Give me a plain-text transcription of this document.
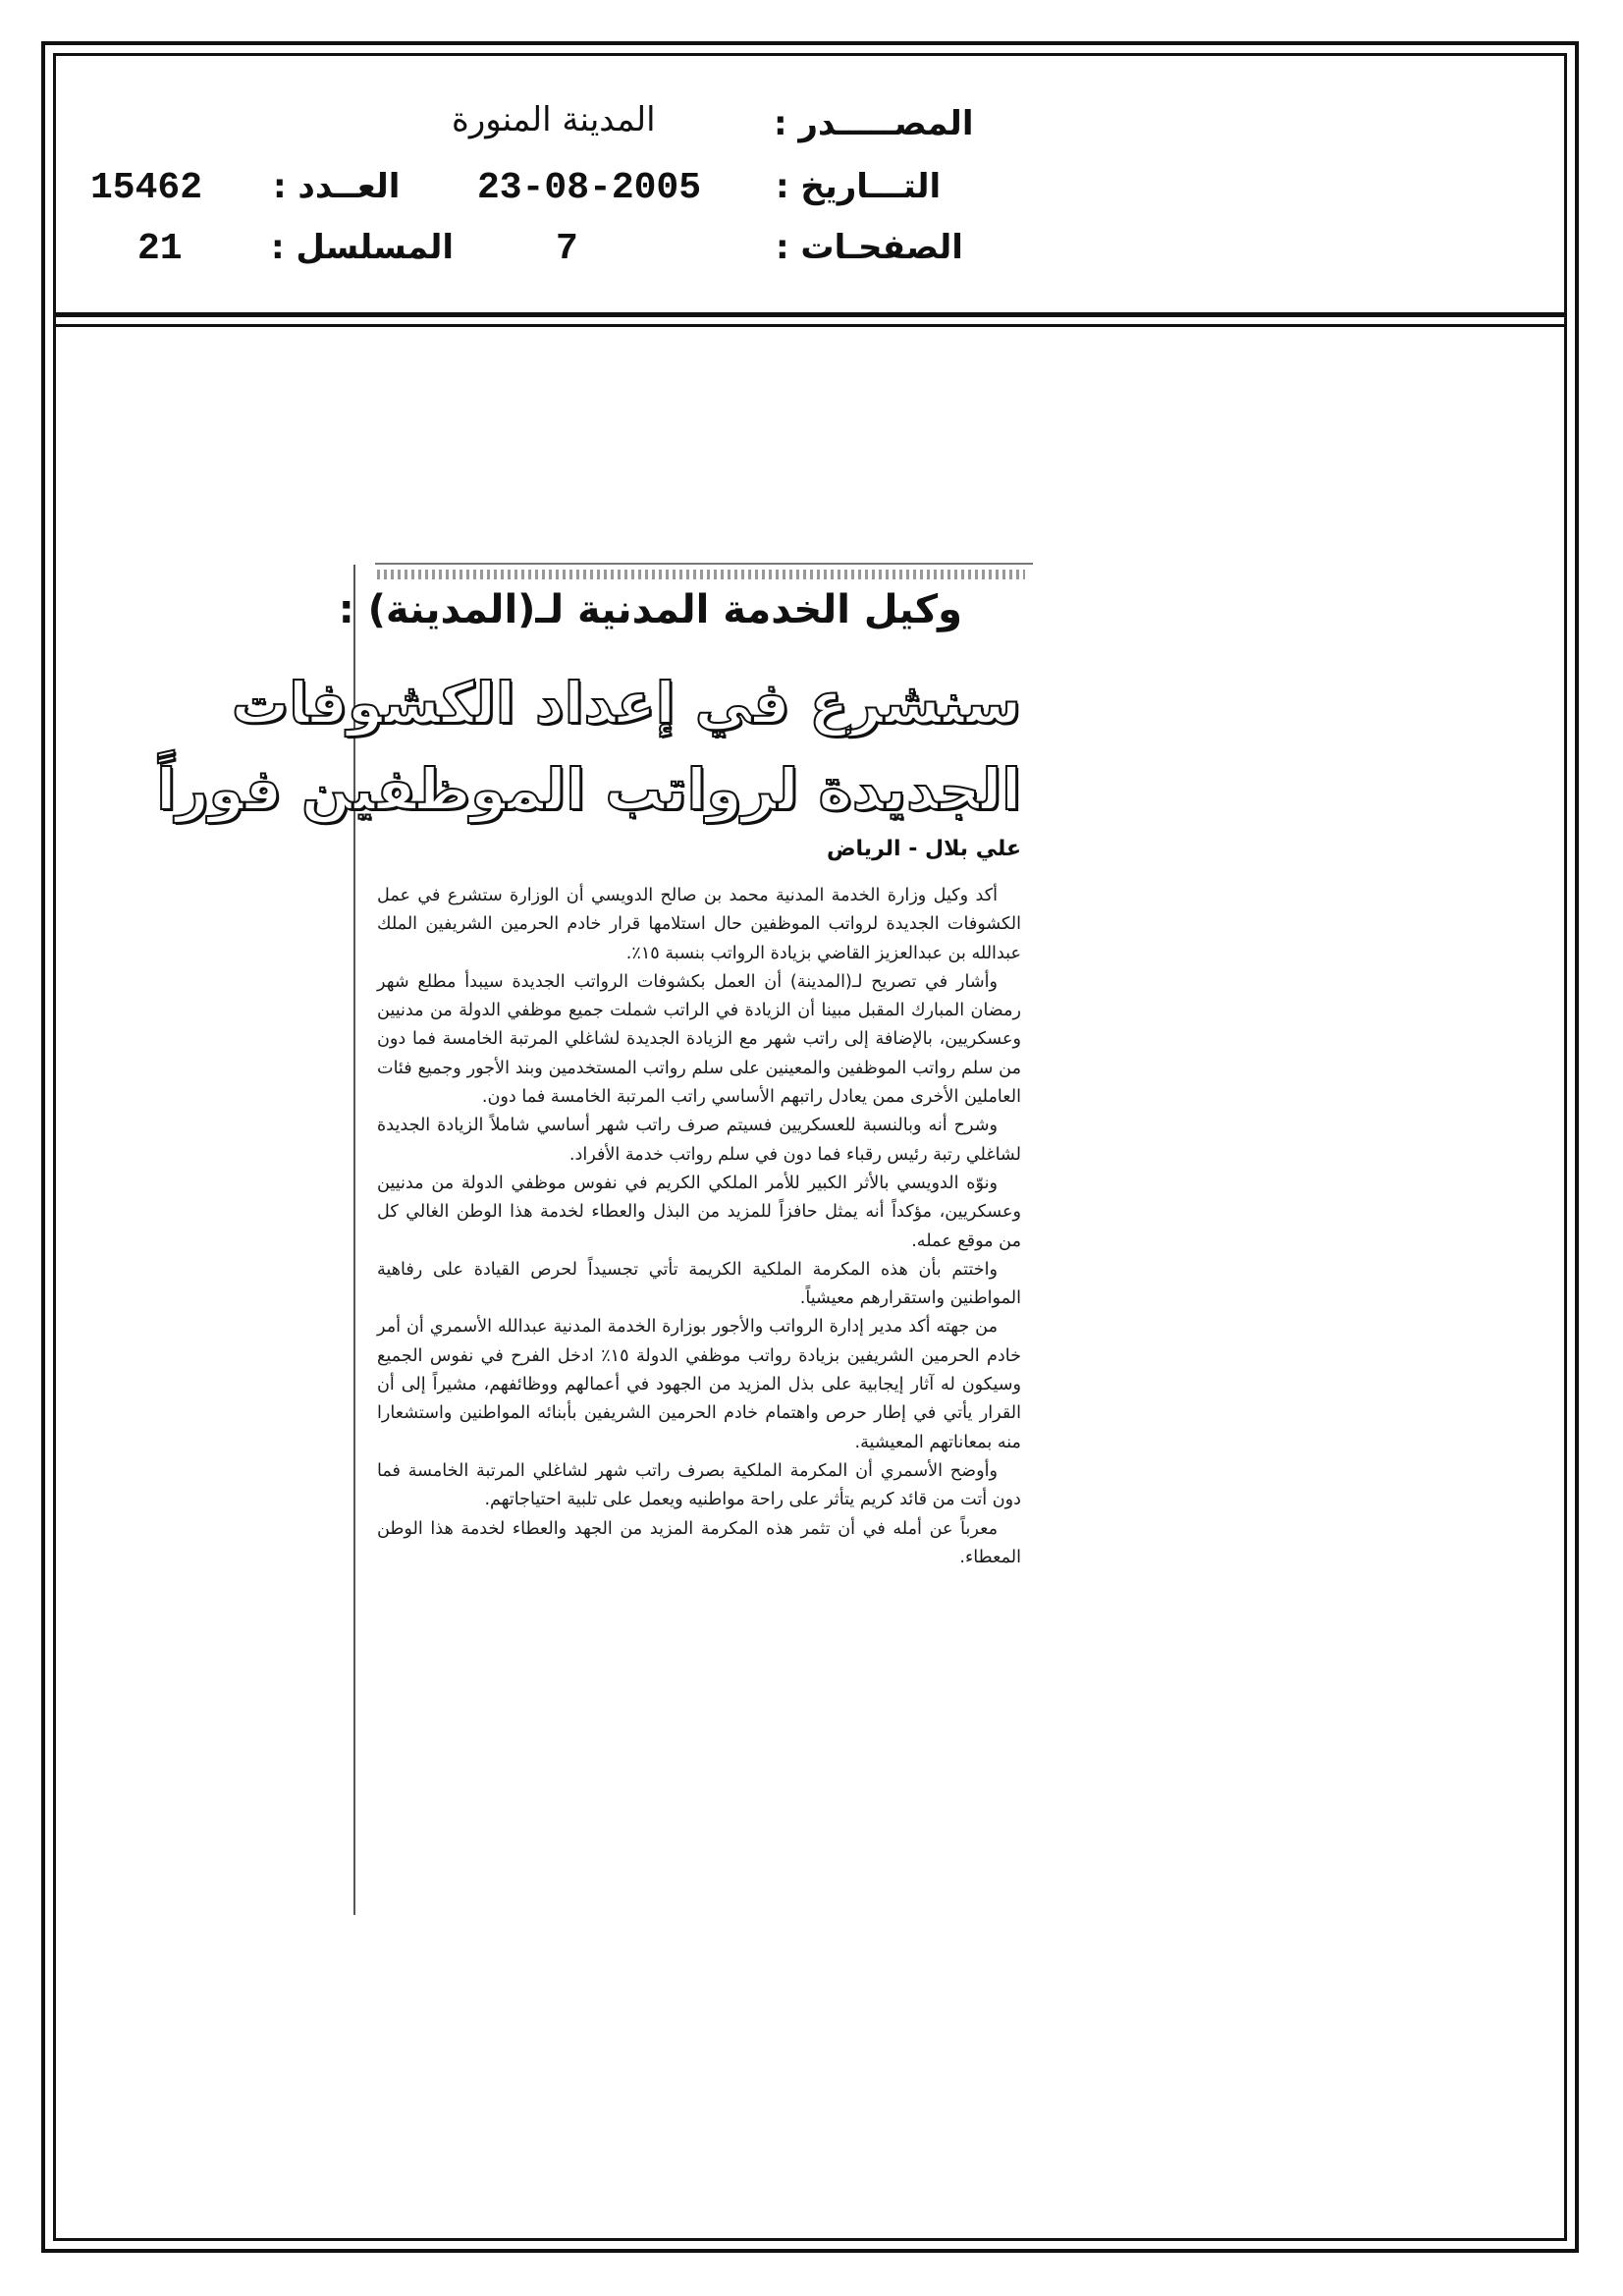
المصـــــدر :
المدينة المنورة
التـــاريخ :
23-08-2005
العــدد :
15462
الصفحـات :
7
المسلسل :
21
وكيل الخدمة المدنية لـ(المدينة) :
سنشرع في إعداد الكشوفات
الجديدة لرواتب الموظفين فوراً
علي بلال - الرياض

أكد وكيل وزارة الخدمة المدنية محمد بن صالح الدويسي أن الوزارة ستشرع في عمل الكشوفات الجديدة لرواتب الموظفين حال استلامها قرار خادم الحرمين الشريفين الملك عبدالله بن عبدالعزيز القاضي بزيادة الرواتب بنسبة ١٥٪.

وأشار في تصريح لـ(المدينة) أن العمل بكشوفات الرواتب الجديدة سيبدأ مطلع شهر رمضان المبارك المقبل مبينا أن الزيادة في الراتب شملت جميع موظفي الدولة من مدنيين وعسكريين، بالإضافة إلى راتب شهر مع الزيادة الجديدة لشاغلي المرتبة الخامسة فما دون من سلم رواتب الموظفين والمعينين على سلم رواتب المستخدمين وبند الأجور وجميع فئات العاملين الأخرى ممن يعادل راتبهم الأساسي راتب المرتبة الخامسة فما دون.

وشرح أنه وبالنسبة للعسكريين فسيتم صرف راتب شهر أساسي شاملاً الزيادة الجديدة لشاغلي رتبة رئيس رقباء فما دون في سلم رواتب خدمة الأفراد.

ونوّه الدويسي بالأثر الكبير للأمر الملكي الكريم في نفوس موظفي الدولة من مدنيين وعسكريين، مؤكداً أنه يمثل حافزاً للمزيد من البذل والعطاء لخدمة هذا الوطن الغالي كل من موقع عمله.

واختتم بأن هذه المكرمة الملكية الكريمة تأتي تجسيداً لحرص القيادة على رفاهية المواطنين واستقرارهم معيشياً.

من جهته أكد مدير إدارة الرواتب والأجور بوزارة الخدمة المدنية عبدالله الأسمري أن أمر خادم الحرمين الشريفين بزيادة رواتب موظفي الدولة ١٥٪ ادخل الفرح في نفوس الجميع وسيكون له آثار إيجابية على بذل المزيد من الجهود في أعمالهم ووظائفهم، مشيراً إلى أن القرار يأتي في إطار حرص واهتمام خادم الحرمين الشريفين بأبنائه المواطنين واستشعارا منه بمعاناتهم المعيشية.

وأوضح الأسمري أن المكرمة الملكية بصرف راتب شهر لشاغلي المرتبة الخامسة فما دون أتت من قائد كريم يتأثر على راحة مواطنيه ويعمل على تلبية احتياجاتهم.

معرباً عن أمله في أن تثمر هذه المكرمة المزيد من الجهد والعطاء لخدمة هذا الوطن المعطاء.
